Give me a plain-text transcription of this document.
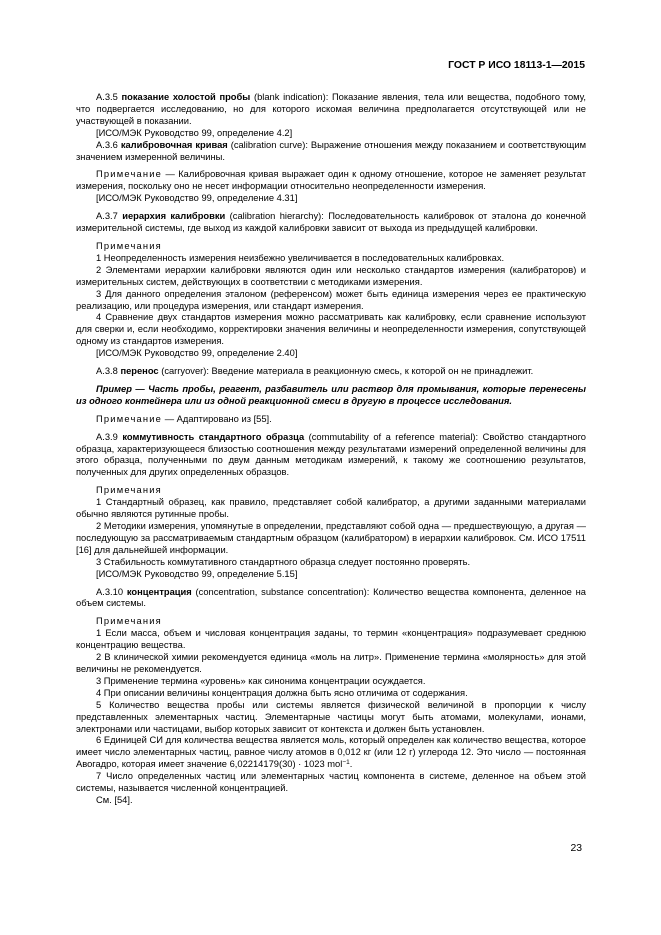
ГОСТ Р ИСО 18113-1—2015

А.3.5 показание холостой пробы (blank indication): Показание явления, тела или вещества, подобного тому, что подвергается исследованию, но для которого искомая величина предполагается отсутствующей или не участвующей в показании.

[ИСО/МЭК Руководство 99, определение 4.2]

А.3.6 калибровочная кривая (calibration curve): Выражение отношения между показанием и соответствующим значением измеренной величины.

Примечание — Калибровочная кривая выражает один к одному отношение, которое не заменяет результат измерения, поскольку оно не несет информации относительно неопределенности измерения.

[ИСО/МЭК Руководство 99, определение 4.31]

А.3.7 иерархия калибровки (calibration hierarchy): Последовательность калибровок от эталона до конечной измерительной системы, где выход из каждой калибровки зависит от выхода из предыдущей калибровки.

Примечания

1 Неопределенность измерения неизбежно увеличивается в последовательных калибровках.

2 Элементами иерархии калибровки являются один или несколько стандартов измерения (калибраторов) и измерительных систем, действующих в соответствии с методиками измерения.

3 Для данного определения эталоном (референсом) может быть единица измерения через ее практическую реализацию, или процедура измерения, или стандарт измерения.

4 Сравнение двух стандартов измерения можно рассматривать как калибровку, если сравнение используют для сверки и, если необходимо, корректировки значения величины и неопределенности измерения, сопутствующей одному из стандартов измерения.

[ИСО/МЭК Руководство 99, определение 2.40]

А.3.8 перенос (carryover): Введение материала в реакционную смесь, к которой он не принадлежит.

Пример — Часть пробы, реагент, разбавитель или раствор для промывания, которые перенесены из одного контейнера или из одной реакционной смеси в другую в процессе исследования.

Примечание — Адаптировано из [55].

А.3.9 коммутивность стандартного образца (commutability of a reference material): Свойство стандартного образца, характеризующееся близостью соотношения между результатами измерений определенной величины для этого образца, полученными по двум данным методикам измерений, к такому же соотношению результатов, полученных для других определенных образцов.

Примечания

1 Стандартный образец, как правило, представляет собой калибратор, а другими заданными материалами обычно являются рутинные пробы.

2 Методики измерения, упомянутые в определении, представляют собой одна — предшествующую, а другая — последующую за рассматриваемым стандартным образцом (калибратором) в иерархии калибровок. См. ИСО 17511 [16] для дальнейшей информации.

3 Стабильность коммутативного стандартного образца следует постоянно проверять.

[ИСО/МЭК Руководство 99, определение 5.15]

А.3.10 концентрация (concentration, substance concentration): Количество вещества компонента, деленное на объем системы.

Примечания

1 Если масса, объем и числовая концентрация заданы, то термин «концентрация» подразумевает среднюю концентрацию вещества.

2 В клинической химии рекомендуется единица «моль на литр». Применение термина «молярность» для этой величины не рекомендуется.

3 Применение термина «уровень» как синонима концентрации осуждается.

4 При описании величины концентрация должна быть ясно отличима от содержания.

5 Количество вещества пробы или системы является физической величиной в пропорции к числу представленных элементарных частиц. Элементарные частицы могут быть атомами, молекулами, ионами, электронами или частицами, выбор которых зависит от контекста и должен быть установлен.

6 Единицей СИ для количества вещества является моль, который определен как количество вещества, которое имеет число элементарных частиц, равное числу атомов в 0,012 кг (или 12 г) углерода 12. Это число — постоянная Авогадро, которая имеет значение 6,02214179(30) · 1023 mol$^{-1}$.

7 Число определенных частиц или элементарных частиц компонента в системе, деленное на объем этой системы, называется численной концентрацией.

См. [54].

23
